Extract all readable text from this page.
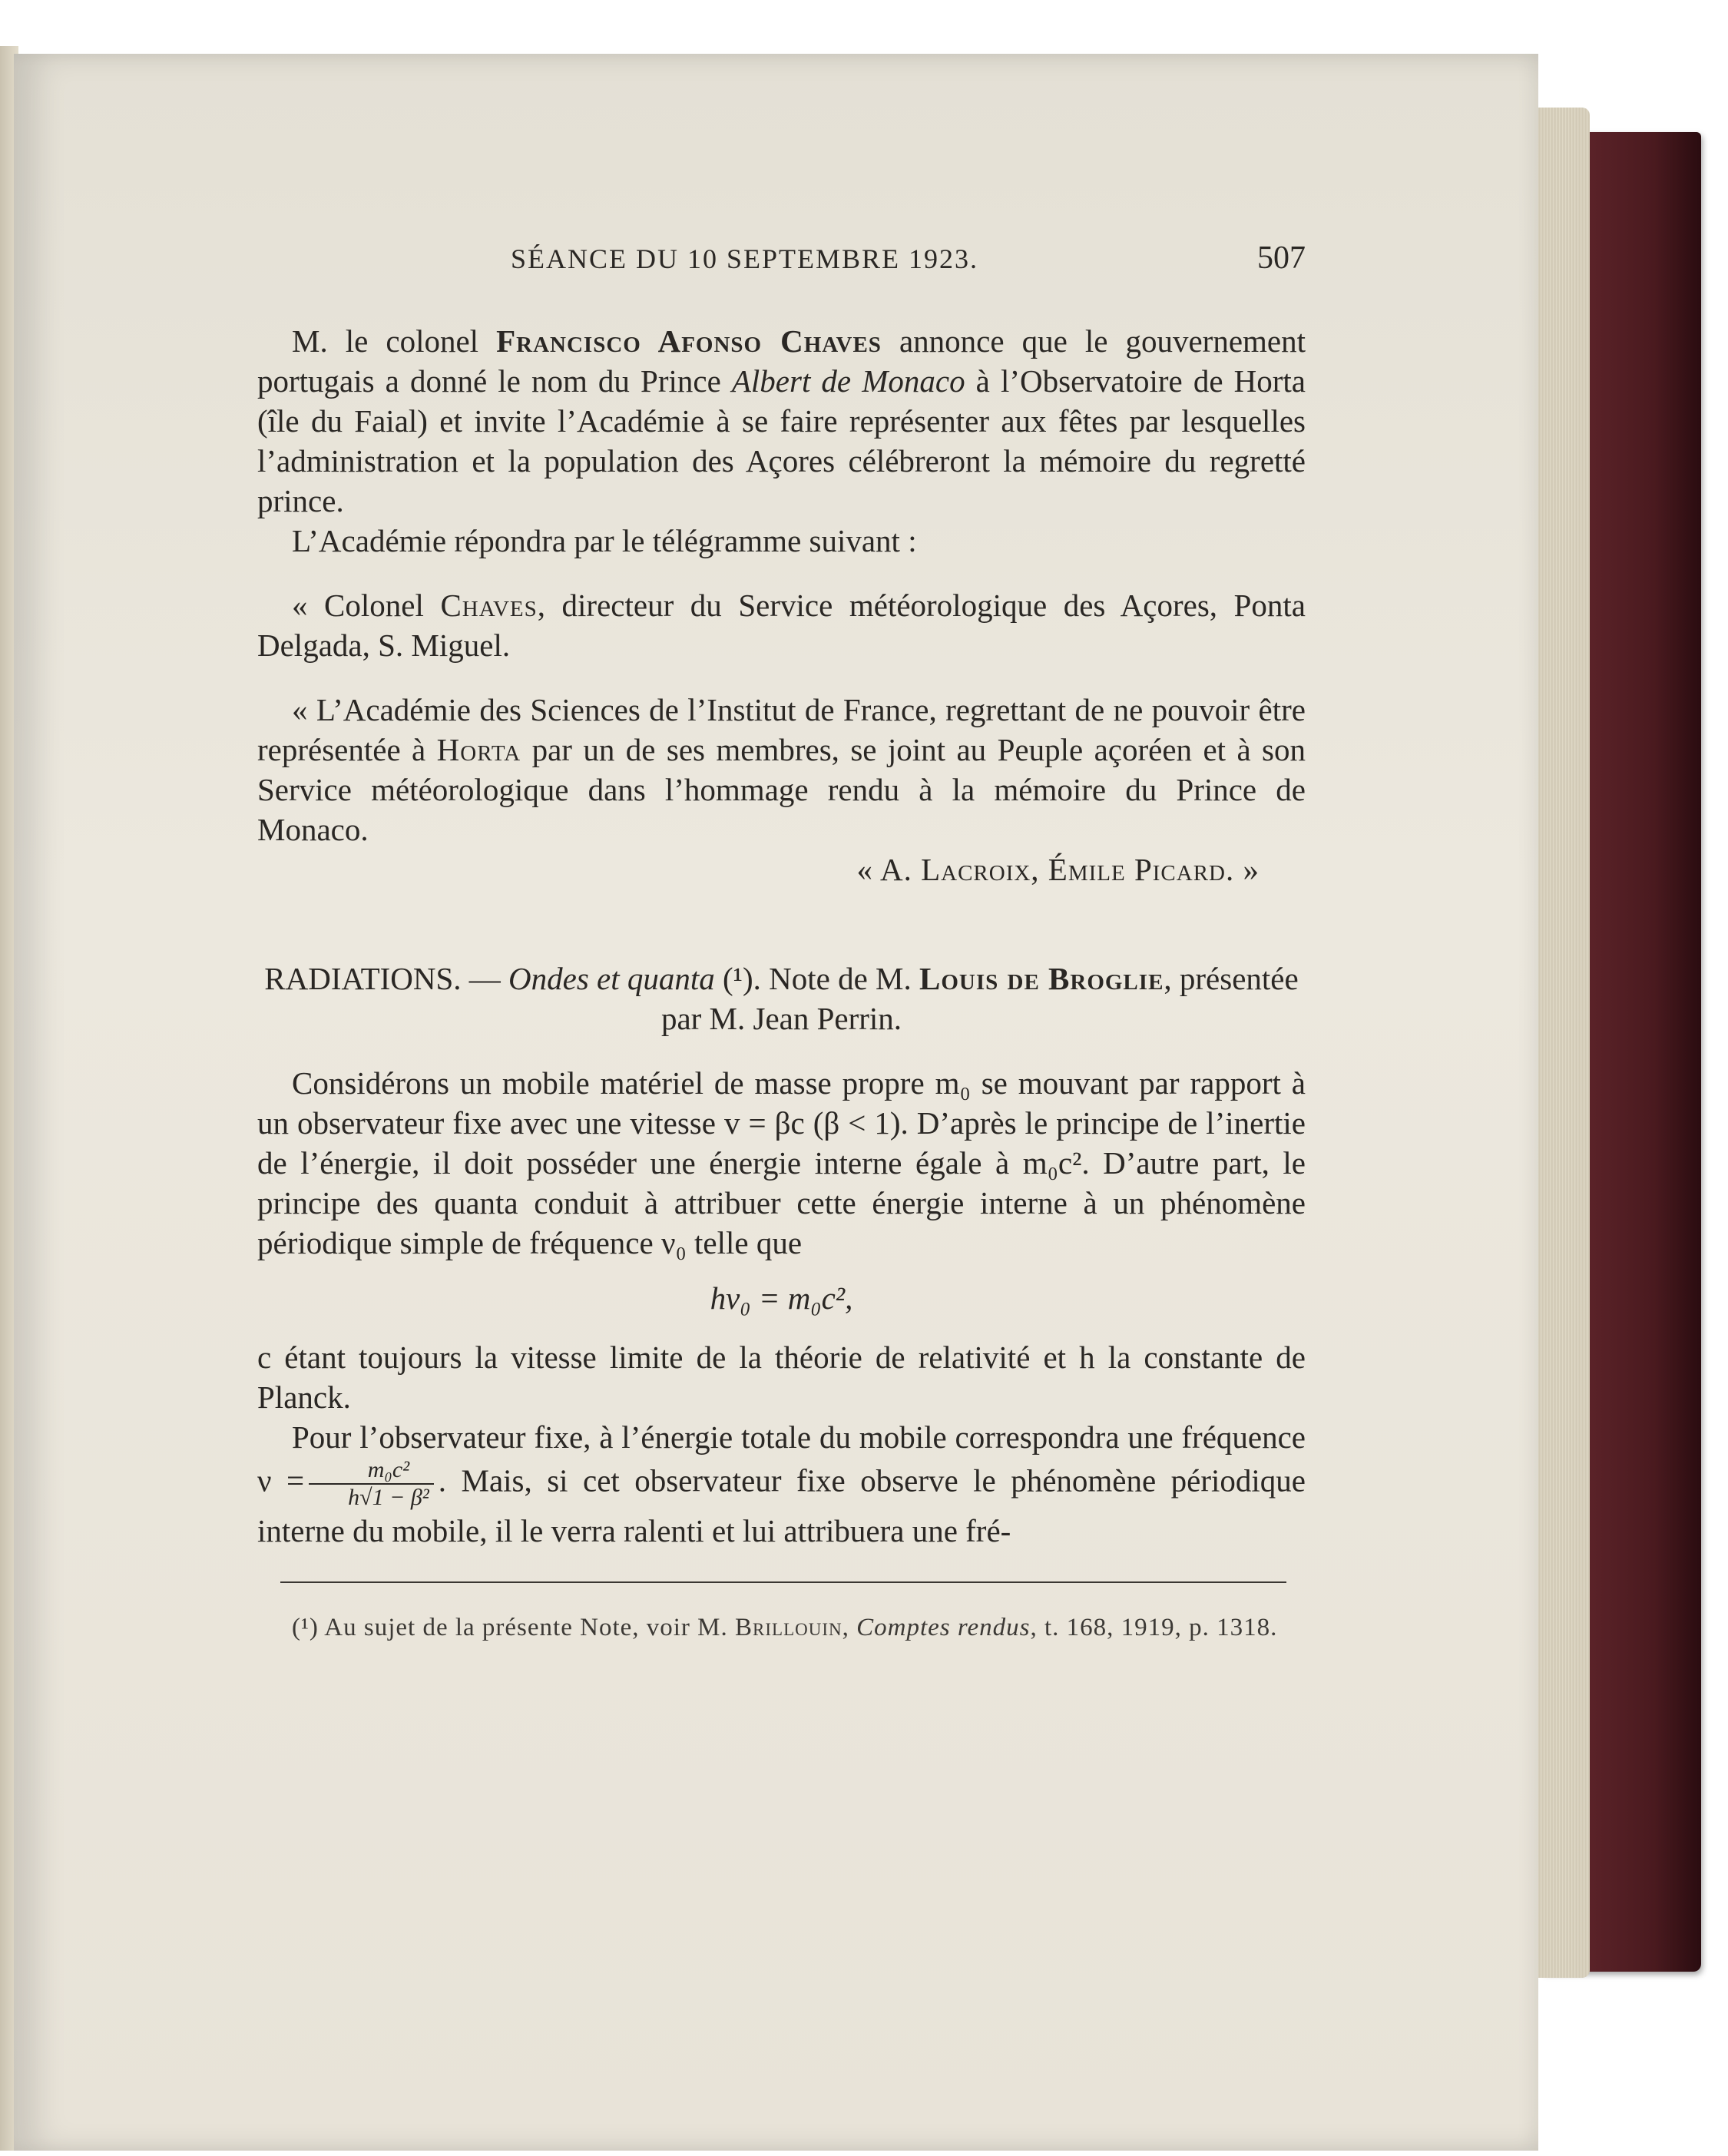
SÉANCE DU 10 SEPTEMBRE 1923.	507

M. le colonel Francisco Afonso Chaves annonce que le gouvernement portugais a donné le nom du Prince Albert de Monaco à l’Observatoire de Horta (île du Faial) et invite l’Académie à se faire représenter aux fêtes par lesquelles l’administration et la population des Açores célébreront la mémoire du regretté prince.

L’Académie répondra par le télégramme suivant :

« Colonel Chaves, directeur du Service météorologique des Açores, Ponta Delgada, S. Miguel.

« L’Académie des Sciences de l’Institut de France, regrettant de ne pouvoir être représentée à Horta par un de ses membres, se joint au Peuple açoréen et à son Service météorologique dans l’hommage rendu à la mémoire du Prince de Monaco.

« A. Lacroix, Émile Picard. »

RADIATIONS. — Ondes et quanta (¹). Note de M. Louis de Broglie, présentée par M. Jean Perrin.

Considérons un mobile matériel de masse propre m₀ se mouvant par rapport à un observateur fixe avec une vitesse v = βc (β < 1). D’après le principe de l’inertie de l’énergie, il doit posséder une énergie interne égale à m₀c². D’autre part, le principe des quanta conduit à attribuer cette énergie interne à un phénomène périodique simple de fréquence ν₀ telle que

hν₀ = m₀c²,

c étant toujours la vitesse limite de la théorie de relativité et h la constante de Planck.

Pour l’observateur fixe, à l’énergie totale du mobile correspondra une fréquence $\nu = \frac{\text{m₀c²}}{\text{h√1 − β²}}$ . Mais, si cet observateur fixe observe le phénomène périodique interne du mobile, il le verra ralenti et lui attribuera une fré-

(¹) Au sujet de la présente Note, voir M. Brillouin, Comptes rendus, t. 168, 1919, p. 1318.
